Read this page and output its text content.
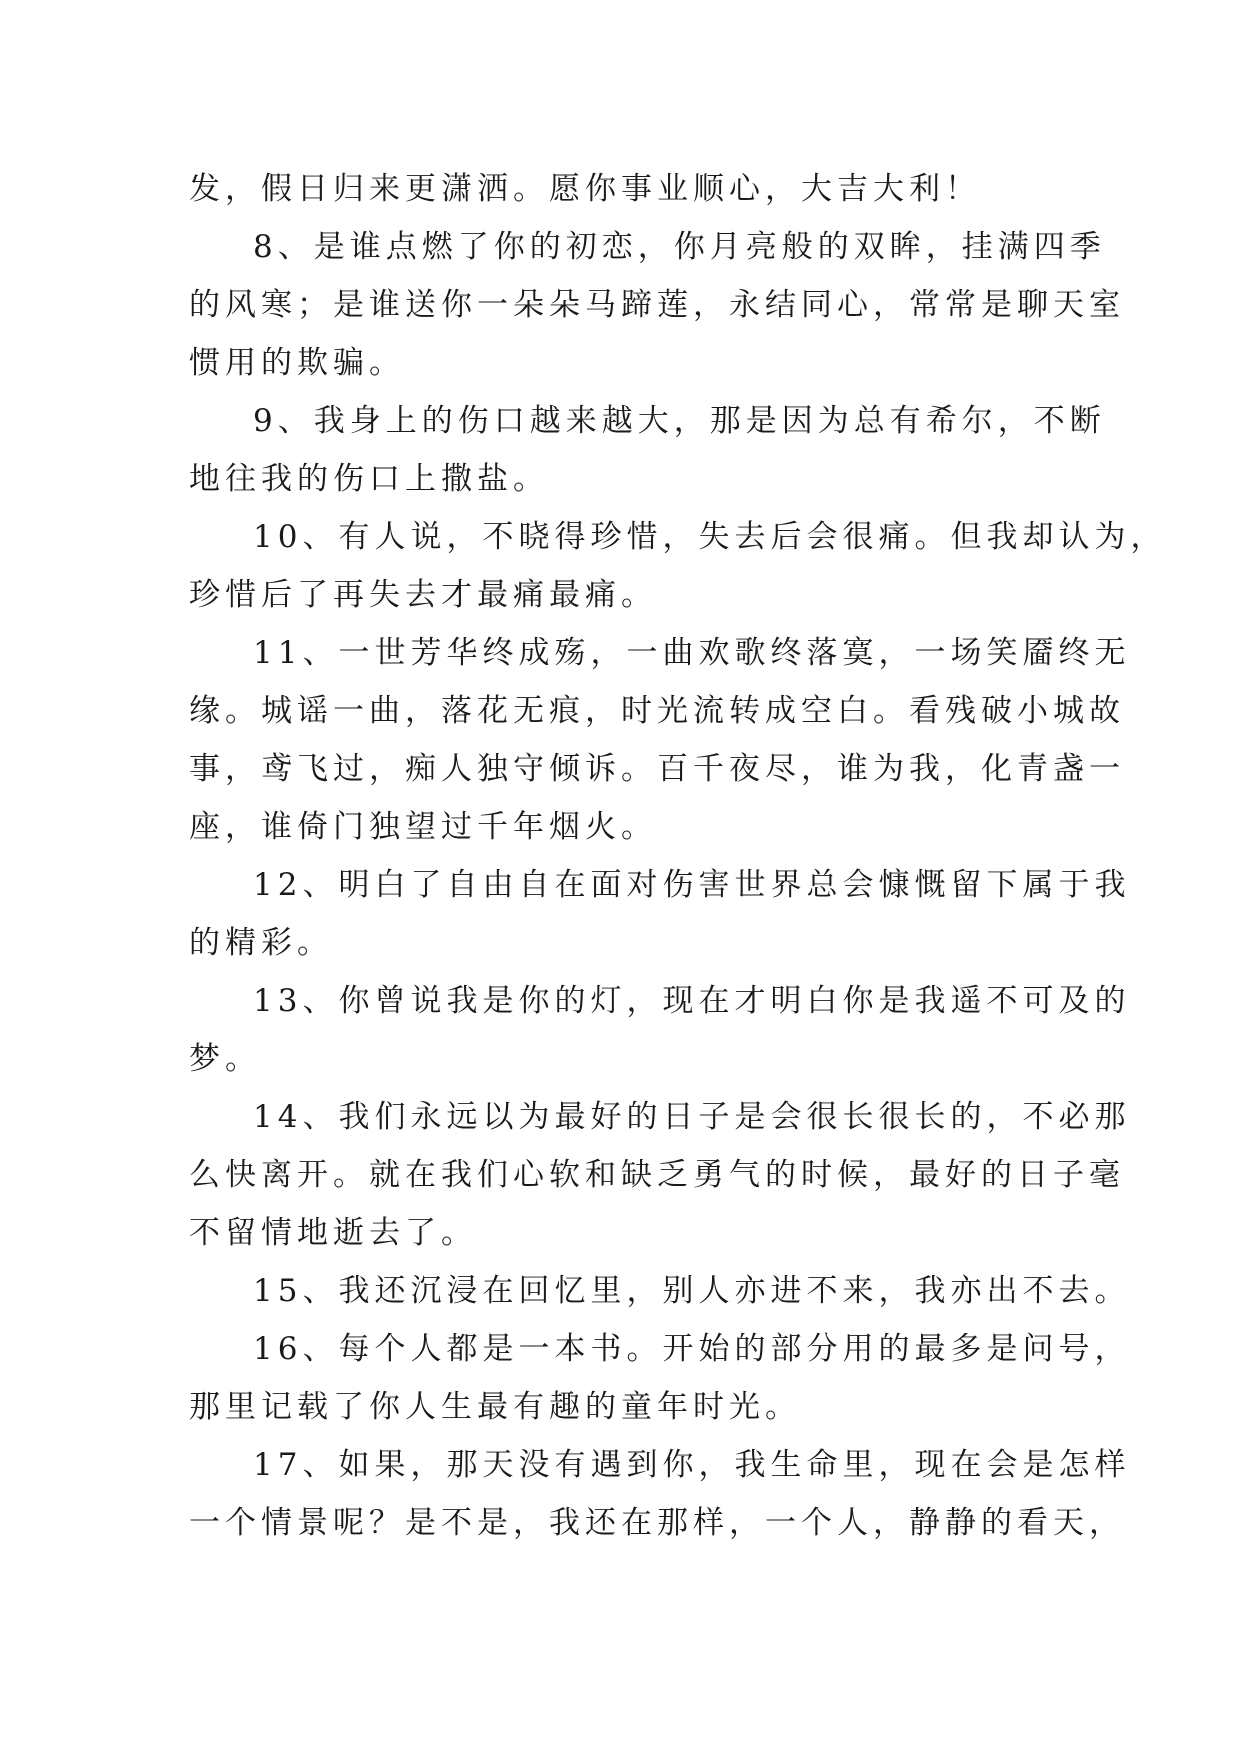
发，假日归来更潇洒。愿你事业顺心，大吉大利！
8、是谁点燃了你的初恋，你月亮般的双眸，挂满四季
的风寒；是谁送你一朵朵马蹄莲，永结同心，常常是聊天室
惯用的欺骗。
9、我身上的伤口越来越大，那是因为总有希尔，不断
地往我的伤口上撒盐。
10、有人说，不晓得珍惜，失去后会很痛。但我却认为，
珍惜后了再失去才最痛最痛。
11、一世芳华终成殇，一曲欢歌终落寞，一场笑靥终无
缘。城谣一曲，落花无痕，时光流转成空白。看残破小城故
事，鸢飞过，痴人独守倾诉。百千夜尽，谁为我，化青盏一
座，谁倚门独望过千年烟火。
12、明白了自由自在面对伤害世界总会慷慨留下属于我
的精彩。
13、你曾说我是你的灯，现在才明白你是我遥不可及的
梦。
14、我们永远以为最好的日子是会很长很长的，不必那
么快离开。就在我们心软和缺乏勇气的时候，最好的日子毫
不留情地逝去了。
15、我还沉浸在回忆里，别人亦进不来，我亦出不去。
16、每个人都是一本书。开始的部分用的最多是问号，
那里记载了你人生最有趣的童年时光。
17、如果，那天没有遇到你，我生命里，现在会是怎样
一个情景呢？是不是，我还在那样，一个人，静静的看天，
